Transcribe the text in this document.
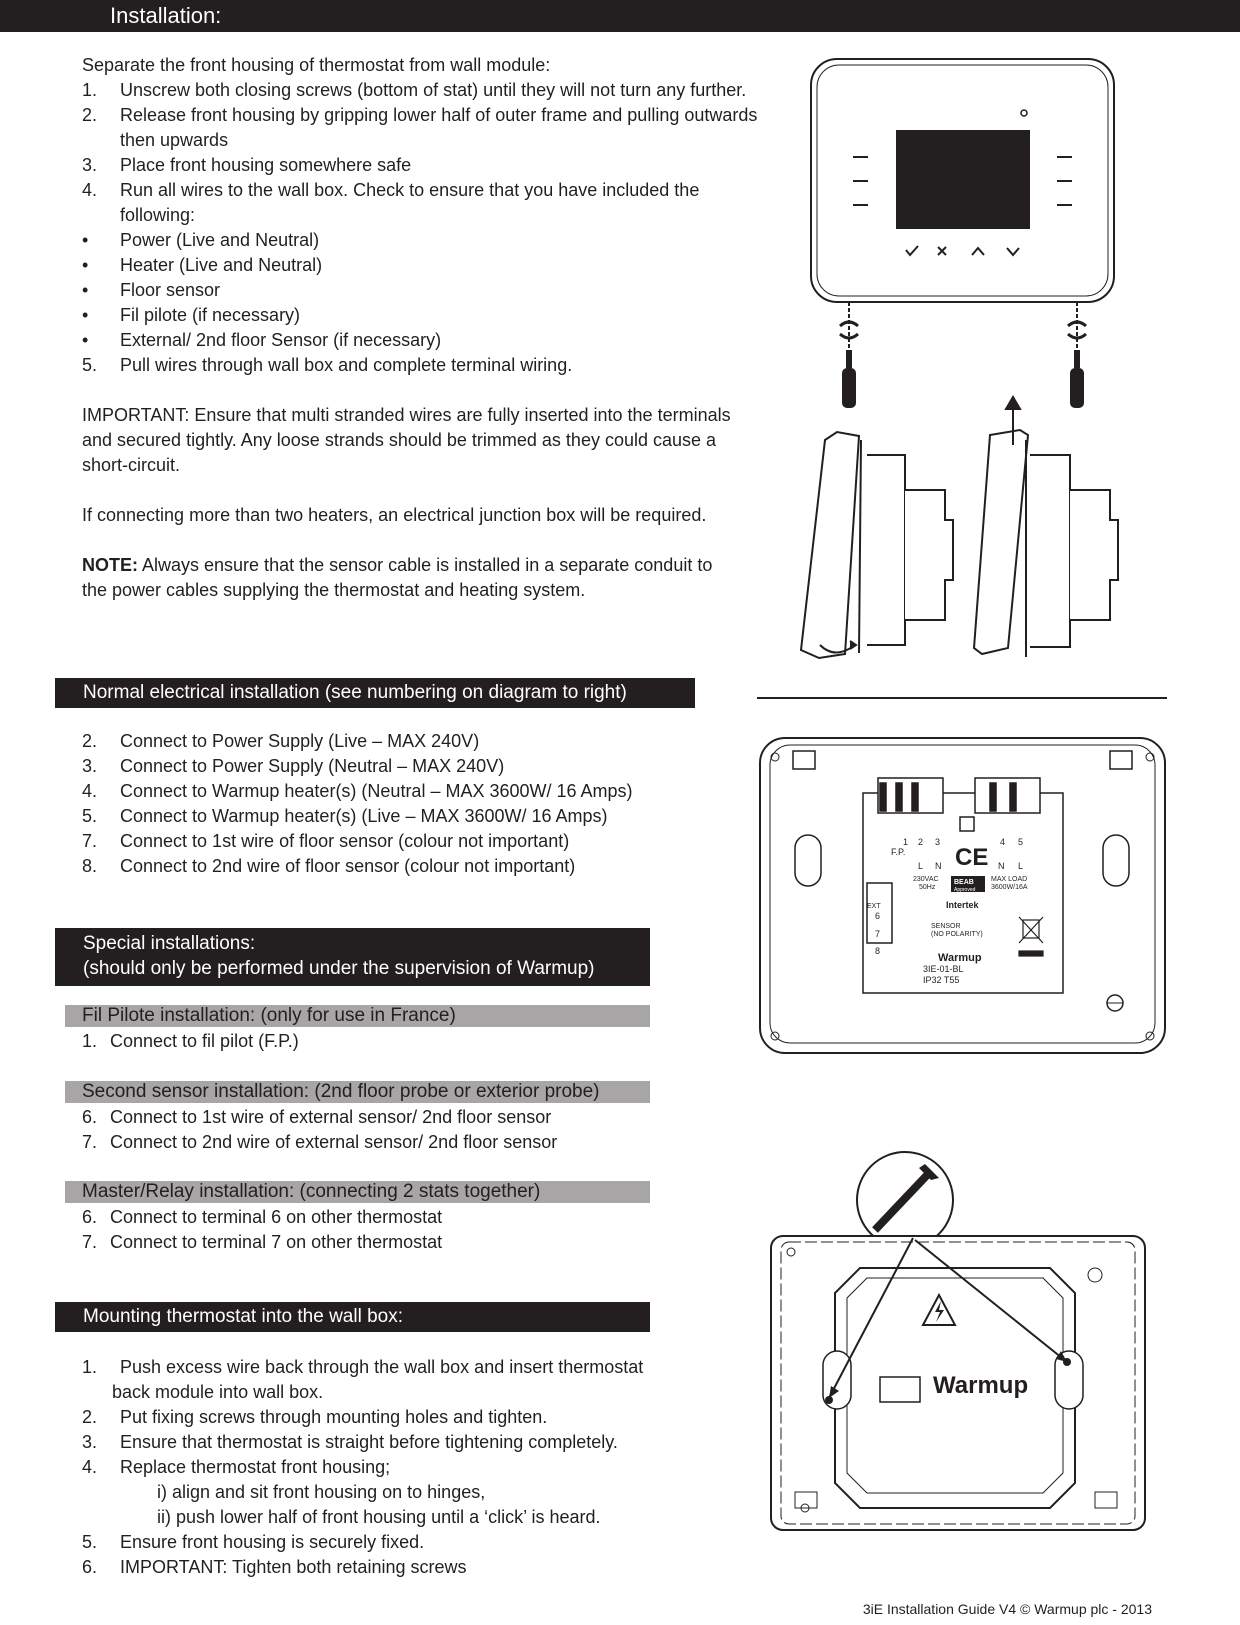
Installation:

Separate the front housing of thermostat from wall module:

1. Unscrew both closing screws (bottom of stat) until they will not turn any further.
2. Release front housing by gripping lower half of outer frame and pulling outwards then upwards
3. Place front housing somewhere safe
4. Run all wires to the wall box. Check to ensure that you have included the following:
• Power (Live and Neutral)
• Heater (Live and Neutral)
• Floor sensor
• Fil pilote (if necessary)
• External/ 2nd floor Sensor (if necessary)
5. Pull wires through wall box and complete terminal wiring.

IMPORTANT: Ensure that multi stranded wires are fully inserted into the terminals and secured tightly. Any loose strands should be trimmed as they could cause a short-circuit.

If connecting more than two heaters, an electrical junction box will be required.

NOTE: Always ensure that the sensor cable is installed in a separate conduit to the power cables supplying the thermostat and heating system.

Normal electrical installation (see numbering on diagram to right)
2. Connect to Power Supply (Live – MAX 240V)
3. Connect to Power Supply (Neutral – MAX 240V)
4. Connect to Warmup heater(s) (Neutral – MAX 3600W/ 16 Amps)
5. Connect to Warmup heater(s) (Live – MAX 3600W/ 16 Amps)
7. Connect to 1st wire of floor sensor (colour not important)
8. Connect to 2nd wire of floor sensor (colour not important)
Special installations:
(should only be performed under the supervision of Warmup)
Fil Pilote installation: (only for use in France)
1. Connect to fil pilot (F.P.)
Second sensor installation: (2nd floor probe or exterior probe)
6. Connect to 1st wire of external sensor/ 2nd floor sensor
7. Connect to 2nd wire of external sensor/ 2nd floor sensor
Master/Relay installation: (connecting 2 stats together)
6. Connect to terminal 6 on other thermostat
7. Connect to terminal 7 on other thermostat
Mounting thermostat into the wall box:
1. Push excess wire back through the wall box and insert thermostat
back module into wall box.
2. Put fixing screws through mounting holes and tighten.
3. Ensure that thermostat is straight before tightening completely.
4. Replace thermostat front housing;
i) align and sit front housing on to hinges,
ii) push lower half of front housing until a ‘click’ is heard.
5. Ensure front housing is securely fixed.
6. IMPORTANT: Tighten both retaining screws
1 2 3	4 5
F.P.
L N	N L
CE
230VAC
50Hz
MAX LOAD
3600W/16A
BEAB
Approved
Intertek
EXT
6
7
8
SENSOR
(NO POLARITY)
Warmup
3IE-01-BL
IP32 T55
Warmup
3iE Installation Guide V4 © Warmup plc - 2013
